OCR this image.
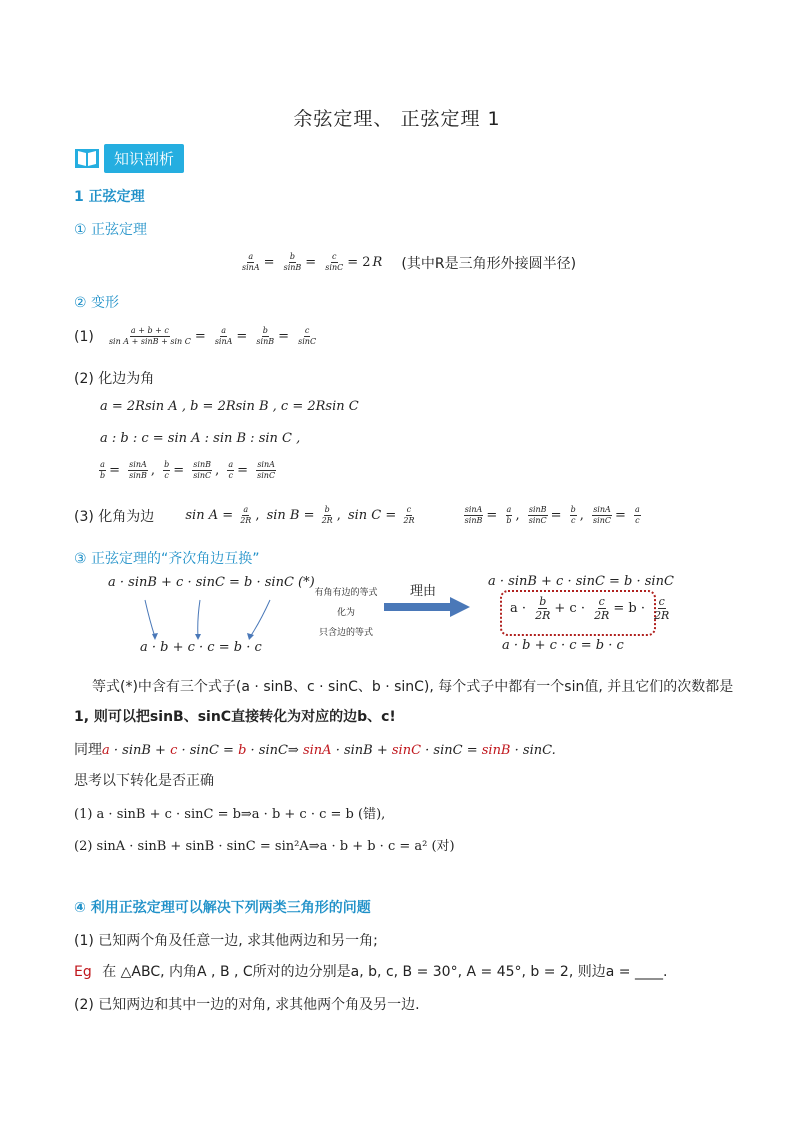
余弦定理、 正弦定理 1
知识剖析
1 正弦定理
① 正弦定理
$\frac{a}{\sin A} = \frac{b}{\sin B} = \frac{c}{\sin C} = 2$ R (其中R是三角形外接圆半径)
② 变形
$(1) \frac{a + b + c}{\text{sin A + sinB + sin C}} = \frac{a}{\sin A} = \frac{b}{\sin B} = \frac{c}{\sin C}$
(2) 化边为角
a = 2Rsin A , b = 2Rsin B , c = 2Rsin C
a : b : c = sin A : sin B : sin C ,
$\frac{a}{b} = \frac{\sin A}{\sin B}$ , $\frac{b}{c} = \frac{\sin B}{\sin C}$ , $\frac{a}{c} = \frac{\sin A}{\sin C}$
(3) 化角为边 $\sin A = \frac{a}{2R}$ , $\sin B = \frac{b}{2R}$ , $\sin C = \frac{c}{2R}$
	$\frac{\sin A}{\sin B} = \frac{a}{b}$ , $\frac{\sin B}{\sin C} = \frac{b}{c}$ , $\frac{\sin A}{\sin C} = \frac{a}{c}$
③ 正弦定理的“齐次角边互换”
a · sinB + c · sinC = b · sinC (*)
a · b + c · c = b · c
有角有边的等式
化为
只含边的等式
理由
a · sinB + c · sinC = b · sinC
$a \cdot \frac{b}{2R} + c \cdot \frac{c}{2R} = b \cdot \frac{c}{2R}$
a · b + c · c = b · c
等式(*)中含有三个式子(a · sinB、c · sinC、b · sinC), 每个式子中都有一个sin值, 并且它们的次数都是
1, 则可以把sinB、sinC直接转化为对应的边b、c!
同理a · sinB + c · sinC = b · sinC⇒ sinA · sinB + sinC · sinC = sinB · sinC.
思考以下转化是否正确
(1) a · sinB + c · sinC = b⇒a · b + c · c = b (错),
(2) sinA · sinB + sinB · sinC = sin²A⇒a · b + b · c = a² (对)
④ 利用正弦定理可以解决下列两类三角形的问题
(1) 已知两个角及任意一边, 求其他两边和另一角;
Eg 在 △ABC, 内角A , B , C所对的边分别是a, b, c, B = 30°, A = 45°, b = 2, 则边a = ____.
(2) 已知两边和其中一边的对角, 求其他两个角及另一边.
